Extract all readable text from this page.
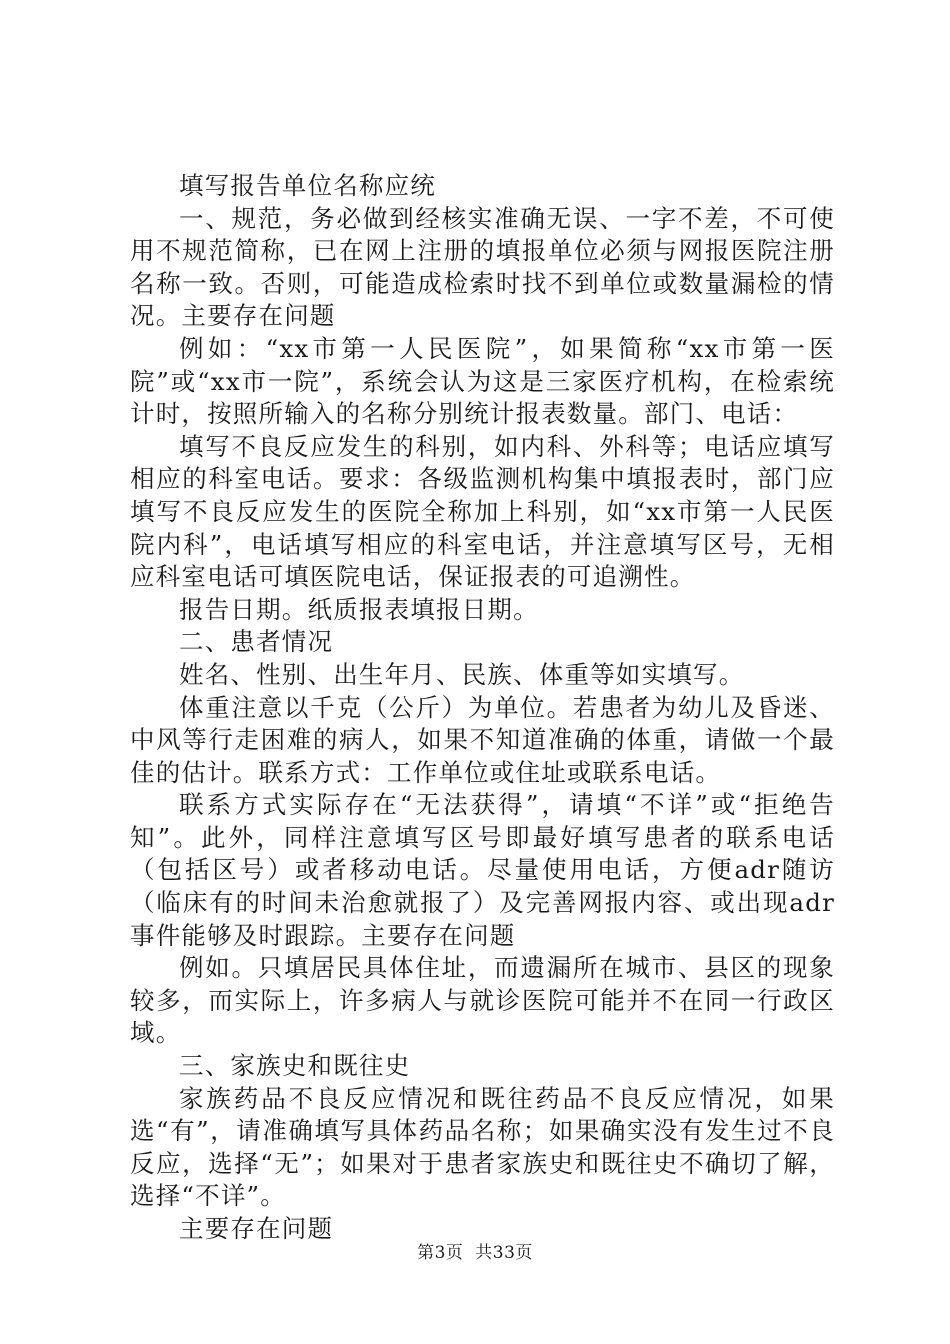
填写报告单位名称应统

一、规范，务必做到经核实准确无误、一字不差，不可使用不规范简称，已在网上注册的填报单位必须与网报医院注册名称一致。否则，可能造成检索时找不到单位或数量漏检的情况。主要存在问题

例如：“xx市第一人民医院”，如果简称“xx市第一医院”或“xx市一院”，系统会认为这是三家医疗机构，在检索统计时，按照所输入的名称分别统计报表数量。部门、电话：

填写不良反应发生的科别，如内科、外科等；电话应填写相应的科室电话。要求：各级监测机构集中填报表时，部门应填写不良反应发生的医院全称加上科别，如“xx市第一人民医院内科”，电话填写相应的科室电话，并注意填写区号，无相应科室电话可填医院电话，保证报表的可追溯性。

报告日期。纸质报表填报日期。

二、患者情况

姓名、性别、出生年月、民族、体重等如实填写。

体重注意以千克（公斤）为单位。若患者为幼儿及昏迷、中风等行走困难的病人，如果不知道准确的体重，请做一个最佳的估计。联系方式：工作单位或住址或联系电话。

联系方式实际存在“无法获得”，请填“不详”或“拒绝告知”。此外，同样注意填写区号即最好填写患者的联系电话（包括区号）或者移动电话。尽量使用电话，方便adr随访（临床有的时间未治愈就报了）及完善网报内容、或出现adr事件能够及时跟踪。主要存在问题

例如。只填居民具体住址，而遗漏所在城市、县区的现象较多，而实际上，许多病人与就诊医院可能并不在同一行政区域。

三、家族史和既往史

家族药品不良反应情况和既往药品不良反应情况，如果选“有”，请准确填写具体药品名称；如果确实没有发生过不良反应，选择“无”；如果对于患者家族史和既往史不确切了解，选择“不详”。

主要存在问题

第3页 共33页
